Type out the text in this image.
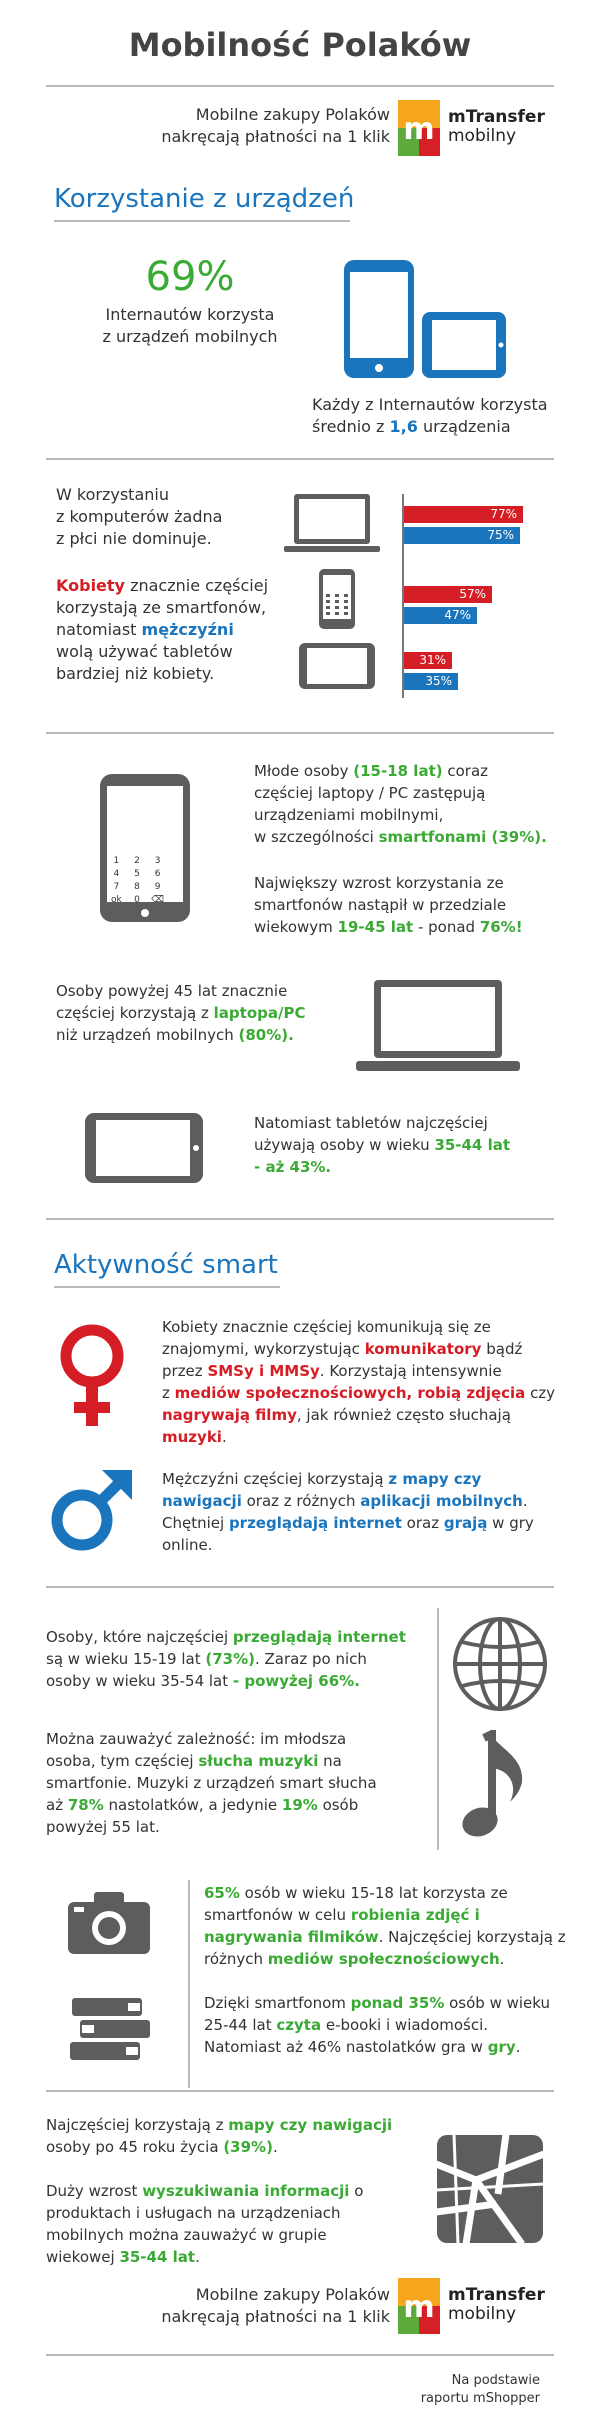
Mobilność Polaków
Mobilne zakupy Polaków
nakręcają płatności na 1 klik m mTransfer
mobilny
Korzystanie z urządzeń
69%
Internautów korzysta
z urządzeń mobilnych
Każdy z Internautów korzysta
średnio z 1,6 urządzenia
W korzystaniu
z komputerów żadna
z płci nie dominuje.
Kobiety znacznie częściej
korzystają ze smartfonów,
natomiast mężczyźni
wolą używać tabletów
bardziej niż kobiety.
77%
75%
57%
47%
31%
35%
1	2	3
4	5	6
7	8	9
ok	0	⌫
Młode osoby (15-18 lat) coraz
częściej laptopy / PC zastępują
urządzeniami mobilnymi,
w szczególności smartfonami (39%).
Największy wzrost korzystania ze
smartfonów nastąpił w przedziale
wiekowym 19-45 lat - ponad 76%!
Osoby powyżej 45 lat znacznie
częściej korzystają z laptopa/PC
niż urządzeń mobilnych (80%).
Natomiast tabletów najczęściej
używają osoby w wieku 35-44 lat
- aż 43%.
Aktywność smart
Kobiety znacznie częściej komunikują się ze
znajomymi, wykorzystując komunikatory bądź
przez SMSy i MMSy. Korzystają intensywnie
z mediów społecznościowych, robią zdjęcia czy
nagrywają filmy, jak również często słuchają
muzyki.
Mężczyźni częściej korzystają z mapy czy
nawigacji oraz z różnych aplikacji mobilnych.
Chętniej przeglądają internet oraz grają w gry
online.
Osoby, które najczęściej przeglądają internet
są w wieku 15-19 lat (73%). Zaraz po nich
osoby w wieku 35-54 lat - powyżej 66%.
Można zauważyć zależność: im młodsza
osoba, tym częściej słucha muzyki na
smartfonie. Muzyki z urządzeń smart słucha
aż 78% nastolatków, a jedynie 19% osób
powyżej 55 lat.
65% osób w wieku 15-18 lat korzysta ze
smartfonów w celu robienia zdjęć i
nagrywania filmików. Najczęściej korzystają z
różnych mediów społecznościowych.
Dzięki smartfonom ponad 35% osób w wieku
25-44 lat czyta e-booki i wiadomości.
Natomiast aż 46% nastolatków gra w gry.
Najczęściej korzystają z mapy czy nawigacji
osoby po 45 roku życia (39%).
Duży wzrost wyszukiwania informacji o
produktach i usługach na urządzeniach
mobilnych można zauważyć w grupie
wiekowej 35-44 lat.
Mobilne zakupy Polaków
nakręcają płatności na 1 klik m mTransfer
mobilny
Na podstawie
raportu mShopper
